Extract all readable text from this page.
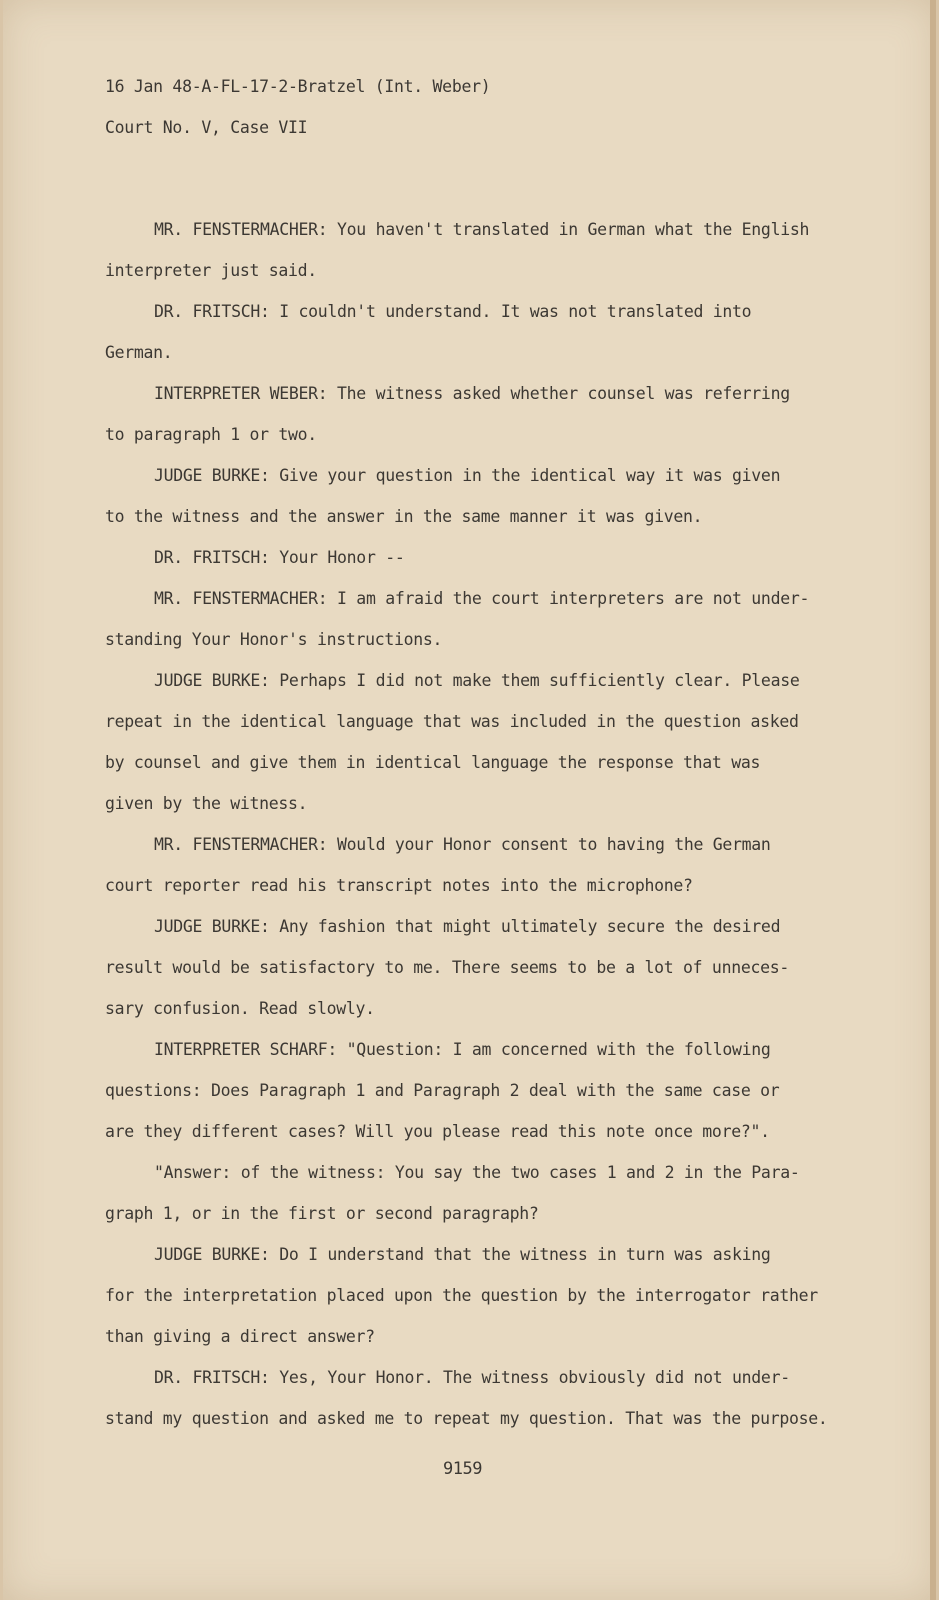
16 Jan 48-A-FL-17-2-Bratzel (Int. Weber)
Court No. V, Case VII
MR. FENSTERMACHER: You haven't translated in German what the English
interpreter just said.
DR. FRITSCH: I couldn't understand. It was not translated into
German.
INTERPRETER WEBER: The witness asked whether counsel was referring
to paragraph 1 or two.
JUDGE BURKE: Give your question in the identical way it was given
to the witness and the answer in the same manner it was given.
DR. FRITSCH: Your Honor --
MR. FENSTERMACHER: I am afraid the court interpreters are not under-
standing Your Honor's instructions.
JUDGE BURKE: Perhaps I did not make them sufficiently clear. Please
repeat in the identical language that was included in the question asked
by counsel and give them in identical language the response that was
given by the witness.
MR. FENSTERMACHER: Would your Honor consent to having the German
court reporter read his transcript notes into the microphone?
JUDGE BURKE: Any fashion that might ultimately secure the desired
result would be satisfactory to me. There seems to be a lot of unneces-
sary confusion. Read slowly.
INTERPRETER SCHARF: "Question: I am concerned with the following
questions: Does Paragraph 1 and Paragraph 2 deal with the same case or
are they different cases? Will you please read this note once more?".
"Answer: of the witness: You say the two cases 1 and 2 in the Para-
graph 1, or in the first or second paragraph?
JUDGE BURKE: Do I understand that the witness in turn was asking
for the interpretation placed upon the question by the interrogator rather
than giving a direct answer?
DR. FRITSCH: Yes, Your Honor. The witness obviously did not under-
stand my question and asked me to repeat my question. That was the purpose.
9159
